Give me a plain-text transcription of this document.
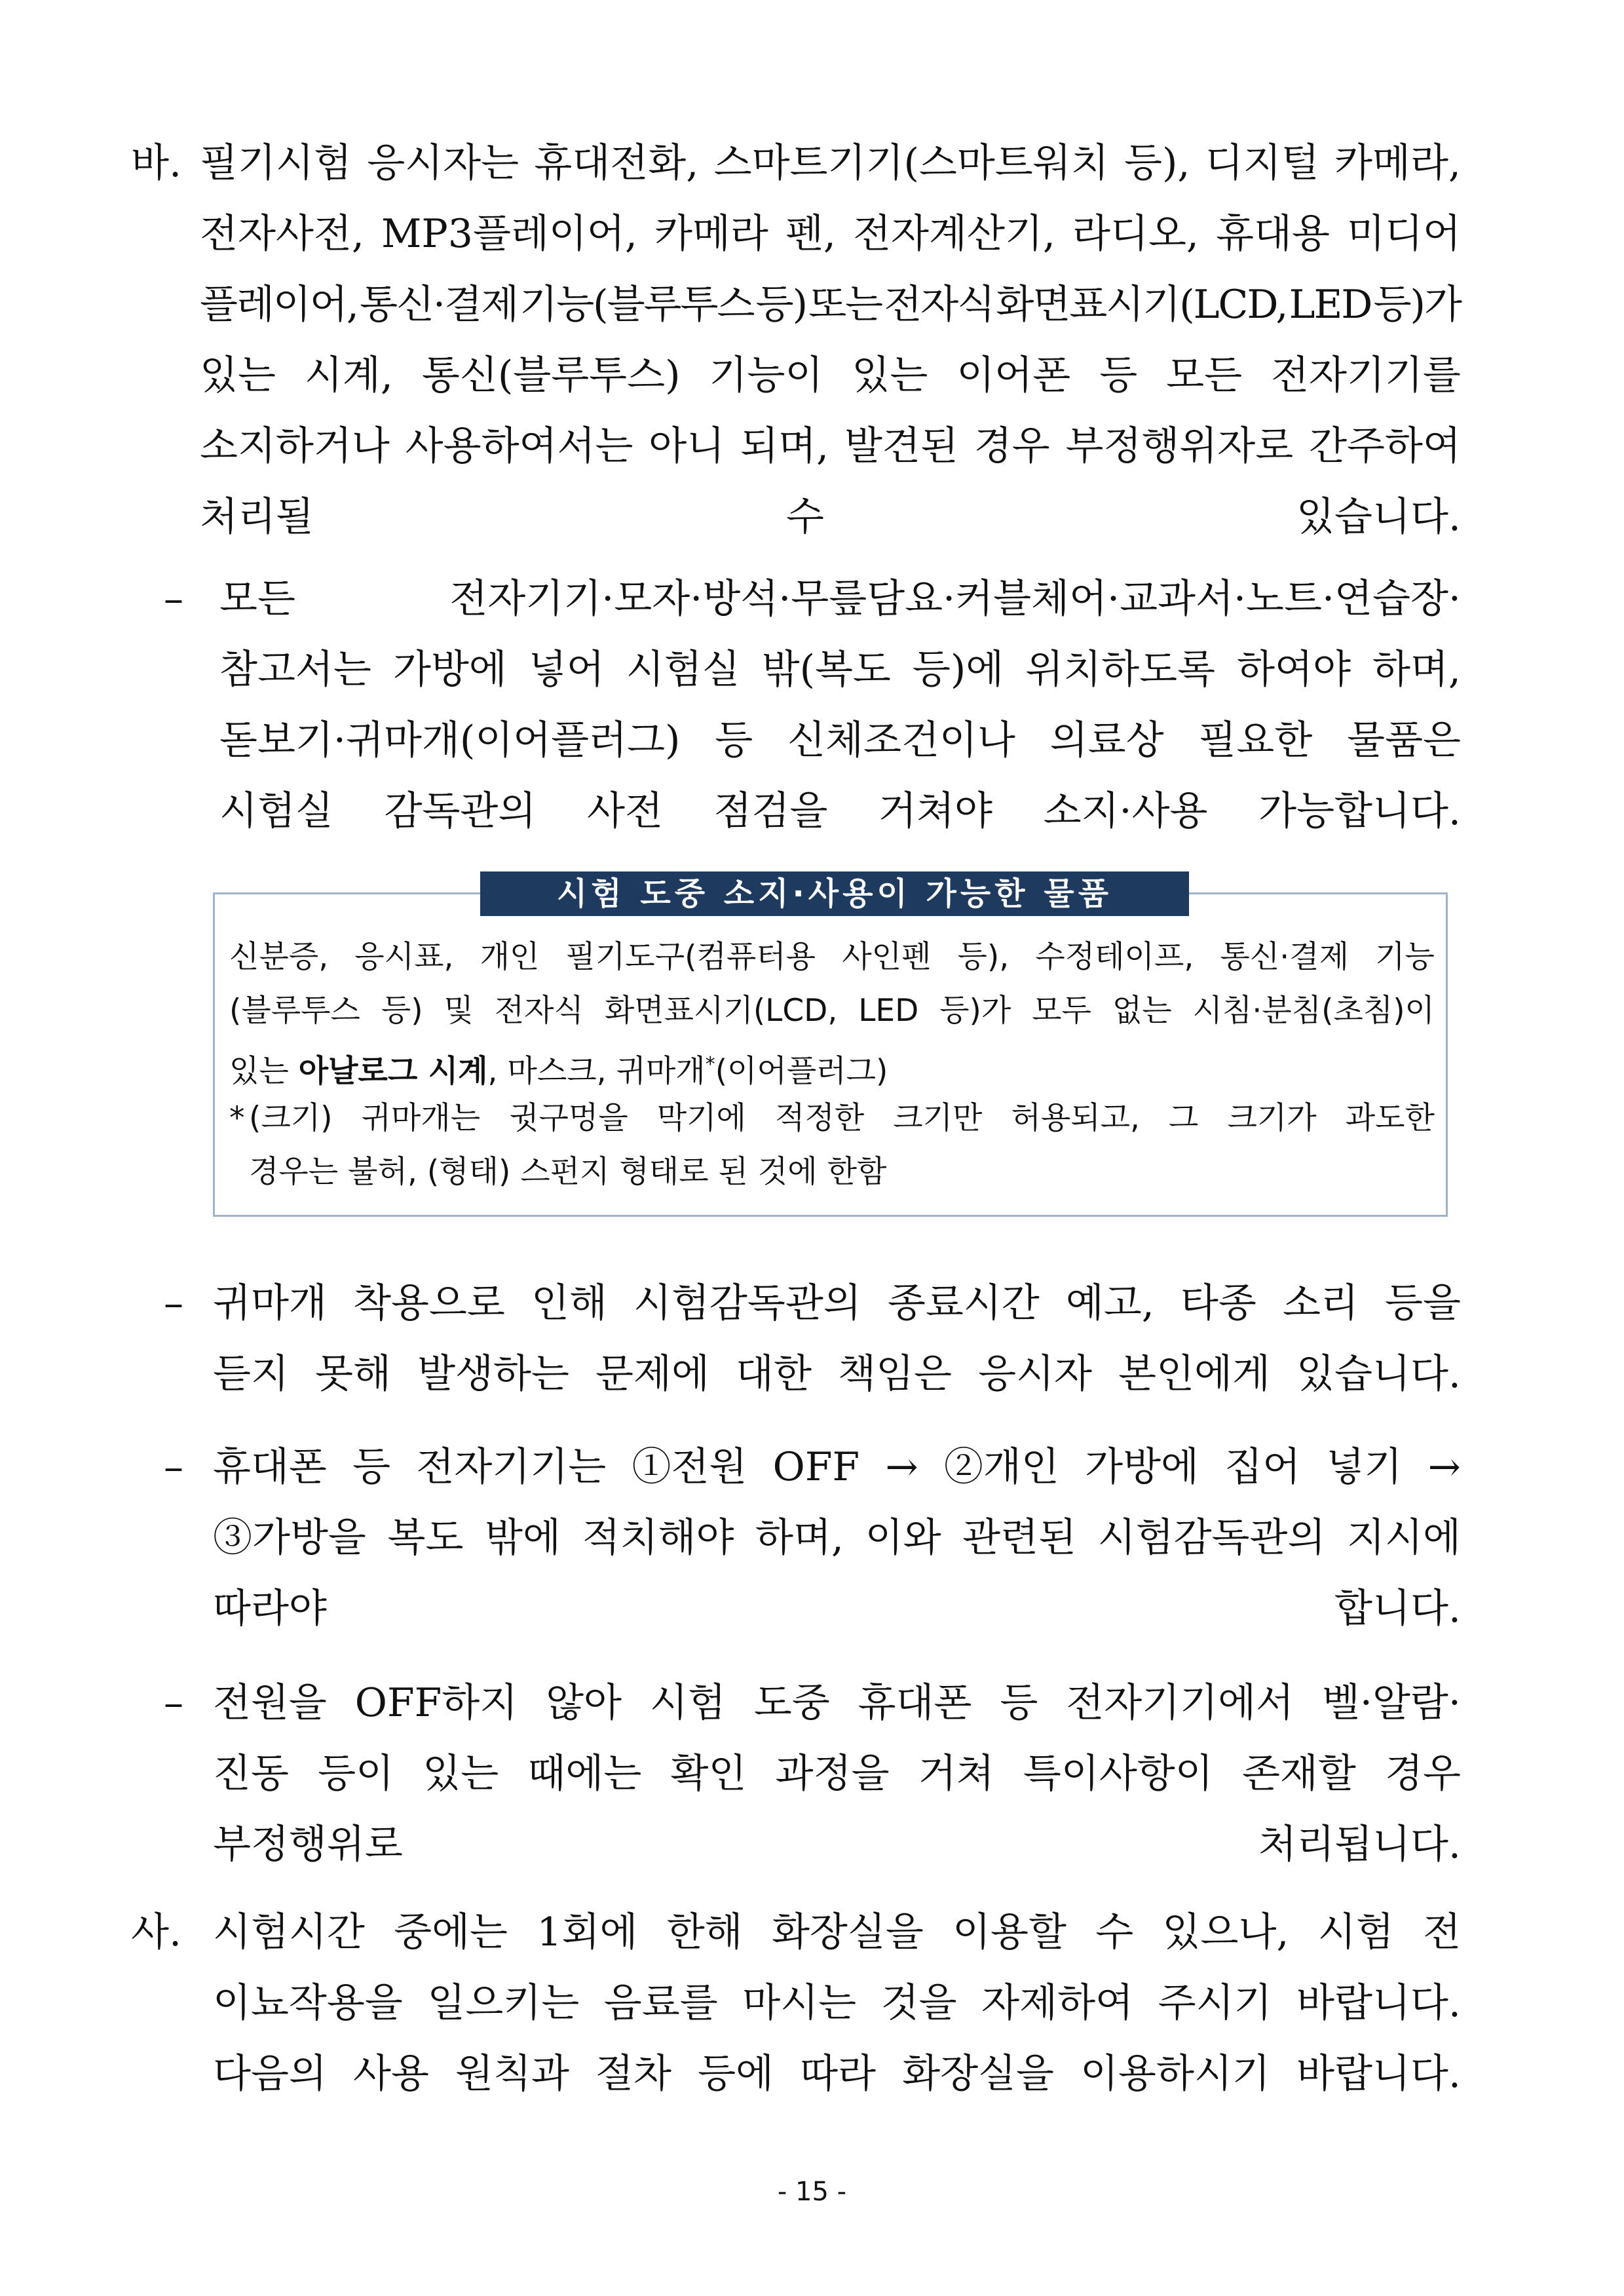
바. 필기시험 응시자는 휴대전화, 스마트기기(스마트워치 등), 디지털 카메라,
전자사전, MP3플레이어, 카메라 펜, 전자계산기, 라디오, 휴대용 미디어
플레이어, 통신·결제 기능(블루투스 등) 또는 전자식 화면표시기(LCD, LED 등)가
있는 시계, 통신(블루투스) 기능이 있는 이어폰 등 모든 전자기기를
소지하거나 사용하여서는 아니 되며, 발견된 경우 부정행위자로 간주하여
처리될 수 있습니다.
– 모든	전자기기·모자·방석·무릎담요·커블체어·교과서·노트·연습장·
참고서는 가방에 넣어 시험실 밖(복도 등)에 위치하도록 하여야 하며,
돋보기·귀마개(이어플러그) 등 신체조건이나 의료상 필요한 물품은
시험실 감독관의 사전 점검을 거쳐야 소지·사용 가능합니다.
시험 도중 소지·사용이 가능한 물품
신분증, 응시표, 개인 필기도구(컴퓨터용 사인펜 등), 수정테이프, 통신·결제 기능
(블루투스 등) 및 전자식 화면표시기(LCD, LED 등)가 모두 없는 시침·분침(초침)이
있는 아날로그 시계, 마스크, 귀마개*(이어플러그)
* (크기) 귀마개는 귓구멍을 막기에 적정한 크기만 허용되고, 그 크기가 과도한
경우는 불허, (형태) 스펀지 형태로 된 것에 한함
– 귀마개 착용으로 인해 시험감독관의 종료시간 예고, 타종 소리 등을
듣지 못해 발생하는 문제에 대한 책임은 응시자 본인에게 있습니다.
– 휴대폰 등 전자기기는 ①전원 OFF → ②개인 가방에 집어 넣기 →
③가방을 복도 밖에 적치해야 하며, 이와 관련된 시험감독관의 지시에
따라야 합니다.
– 전원을 OFF하지 않아 시험 도중 휴대폰 등 전자기기에서 벨·알람·
진동 등이 있는 때에는 확인 과정을 거쳐 특이사항이 존재할 경우
부정행위로 처리됩니다.
사. 시험시간 중에는 1회에 한해 화장실을 이용할 수 있으나, 시험 전
이뇨작용을 일으키는 음료를 마시는 것을 자제하여 주시기 바랍니다.
다음의 사용 원칙과 절차 등에 따라 화장실을 이용하시기 바랍니다.
- 15 -
